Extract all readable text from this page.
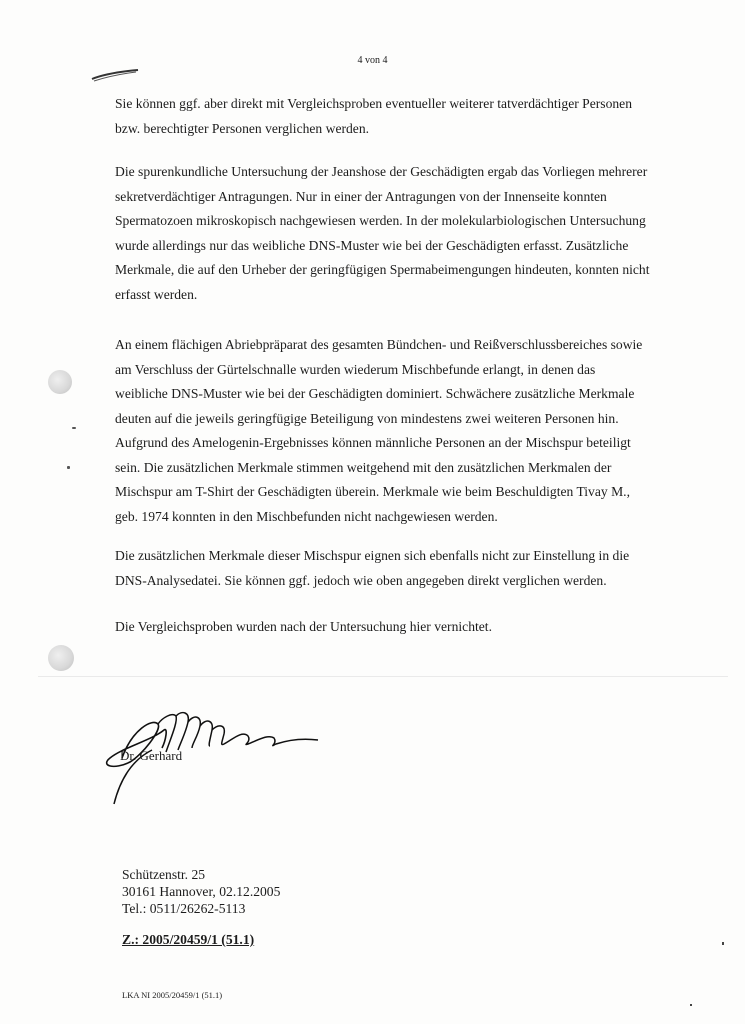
4 von 4
Sie können ggf. aber direkt mit Vergleichsproben eventueller weiterer tatverdächtiger Personen bzw. berechtigter Personen verglichen werden.
Die spurenkundliche Untersuchung der Jeanshose der Geschädigten ergab das Vorliegen mehrerer sekretverdächtiger Antragungen. Nur in einer der Antragungen von der Innenseite konnten Spermatozoen mikroskopisch nachgewiesen werden. In der molekularbiologischen Untersuchung wurde allerdings nur das weibliche DNS-Muster wie bei der Geschädigten erfasst. Zusätzliche Merkmale, die auf den Urheber der geringfügigen Spermabeimengungen hindeuten, konnten nicht erfasst werden.
An einem flächigen Abriebpräparat des gesamten Bündchen- und Reißverschlussbereiches sowie am Verschluss der Gürtelschnalle wurden wiederum Mischbefunde erlangt, in denen das weibliche DNS-Muster wie bei der Geschädigten dominiert. Schwächere zusätzliche Merkmale deuten auf die jeweils geringfügige Beteiligung von mindestens zwei weiteren Personen hin. Aufgrund des Amelogenin-Ergebnisses können männliche Personen an der Mischspur beteiligt sein. Die zusätzlichen Merkmale stimmen weitgehend mit den zusätzlichen Merkmalen der Mischspur am T-Shirt der Geschädigten überein. Merkmale wie beim Beschuldigten Tivay M., geb. 1974 konnten in den Mischbefunden nicht nachgewiesen werden.
Die zusätzlichen Merkmale dieser Mischspur eignen sich ebenfalls nicht zur Einstellung in die DNS-Analysedatei. Sie können ggf. jedoch wie oben angegeben direkt verglichen werden.
Die Vergleichsproben wurden nach der Untersuchung hier vernichtet.
Dr. Gerhard
Schützenstr. 25
30161 Hannover, 02.12.2005
Tel.: 0511/26262-5113
Z.: 2005/20459/1 (51.1)
LKA NI 2005/20459/1 (51.1)
